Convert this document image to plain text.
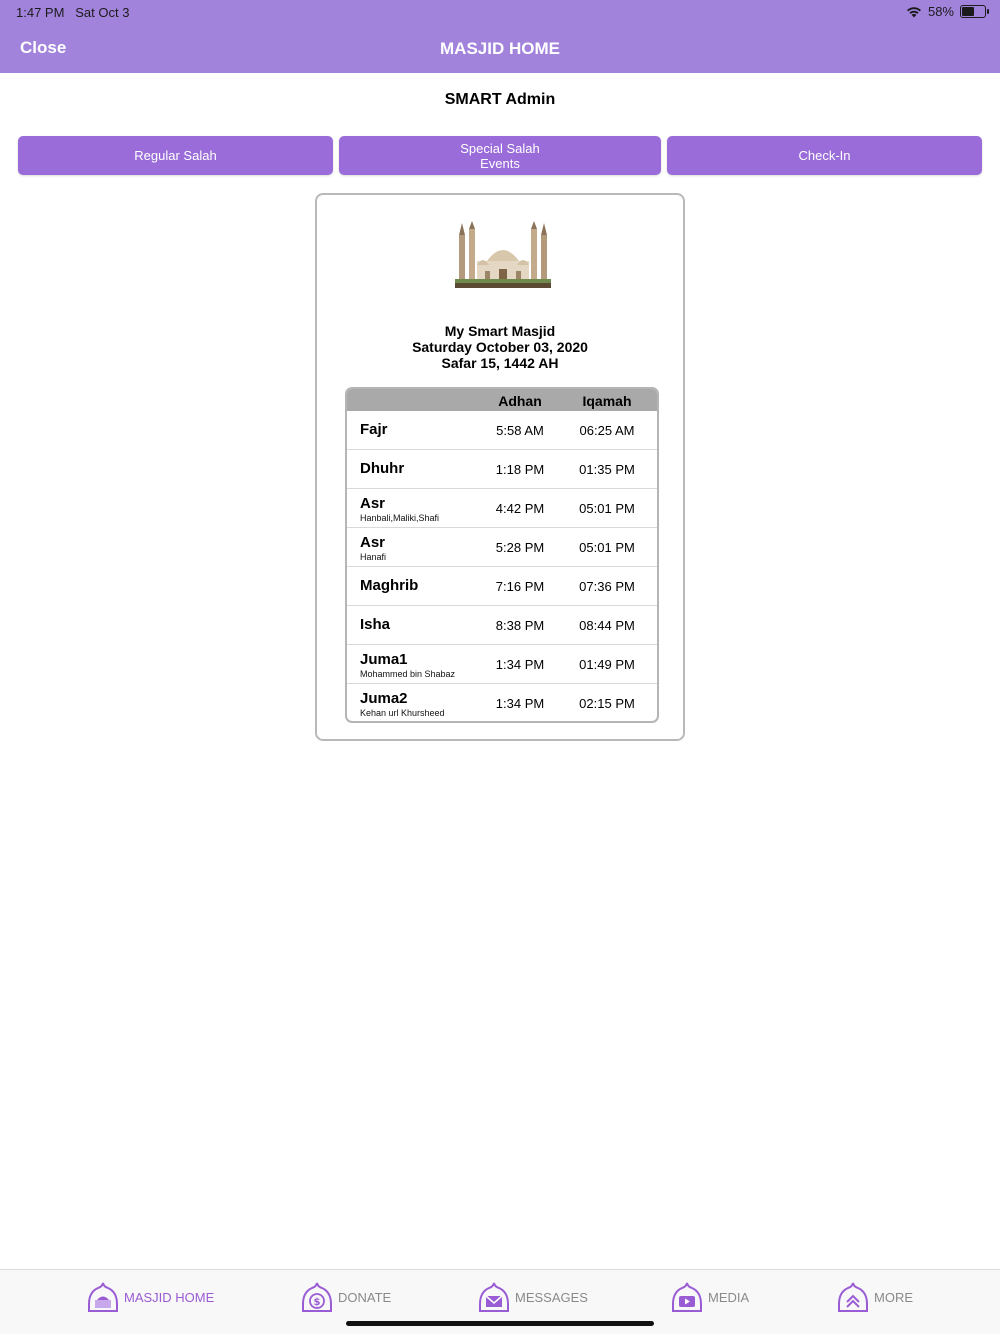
1:47 PM Sat Oct 3	58%
Close	MASJID HOME
SMART Admin
Regular Salah	Special Salah
Events	Check-In
My Smart Masjid
Saturday October 03, 2020
Safar 15, 1442 AH
Adhan	Iqamah
Fajr	5:58 AM	06:25 AM
Dhuhr	1:18 PM	01:35 PM
Asr
Hanbali,Maliki,Shafi
4:42 PM	05:01 PM
Asr
Hanafi
5:28 PM	05:01 PM
Maghrib	7:16 PM	07:36 PM
Isha	8:38 PM	08:44 PM
Juma1
Mohammed bin Shabaz
1:34 PM	01:49 PM
Juma2
Kehan url Khursheed
1:34 PM	02:15 PM
MASJID HOME	$ DONATE	MESSAGES	MEDIA	MORE
